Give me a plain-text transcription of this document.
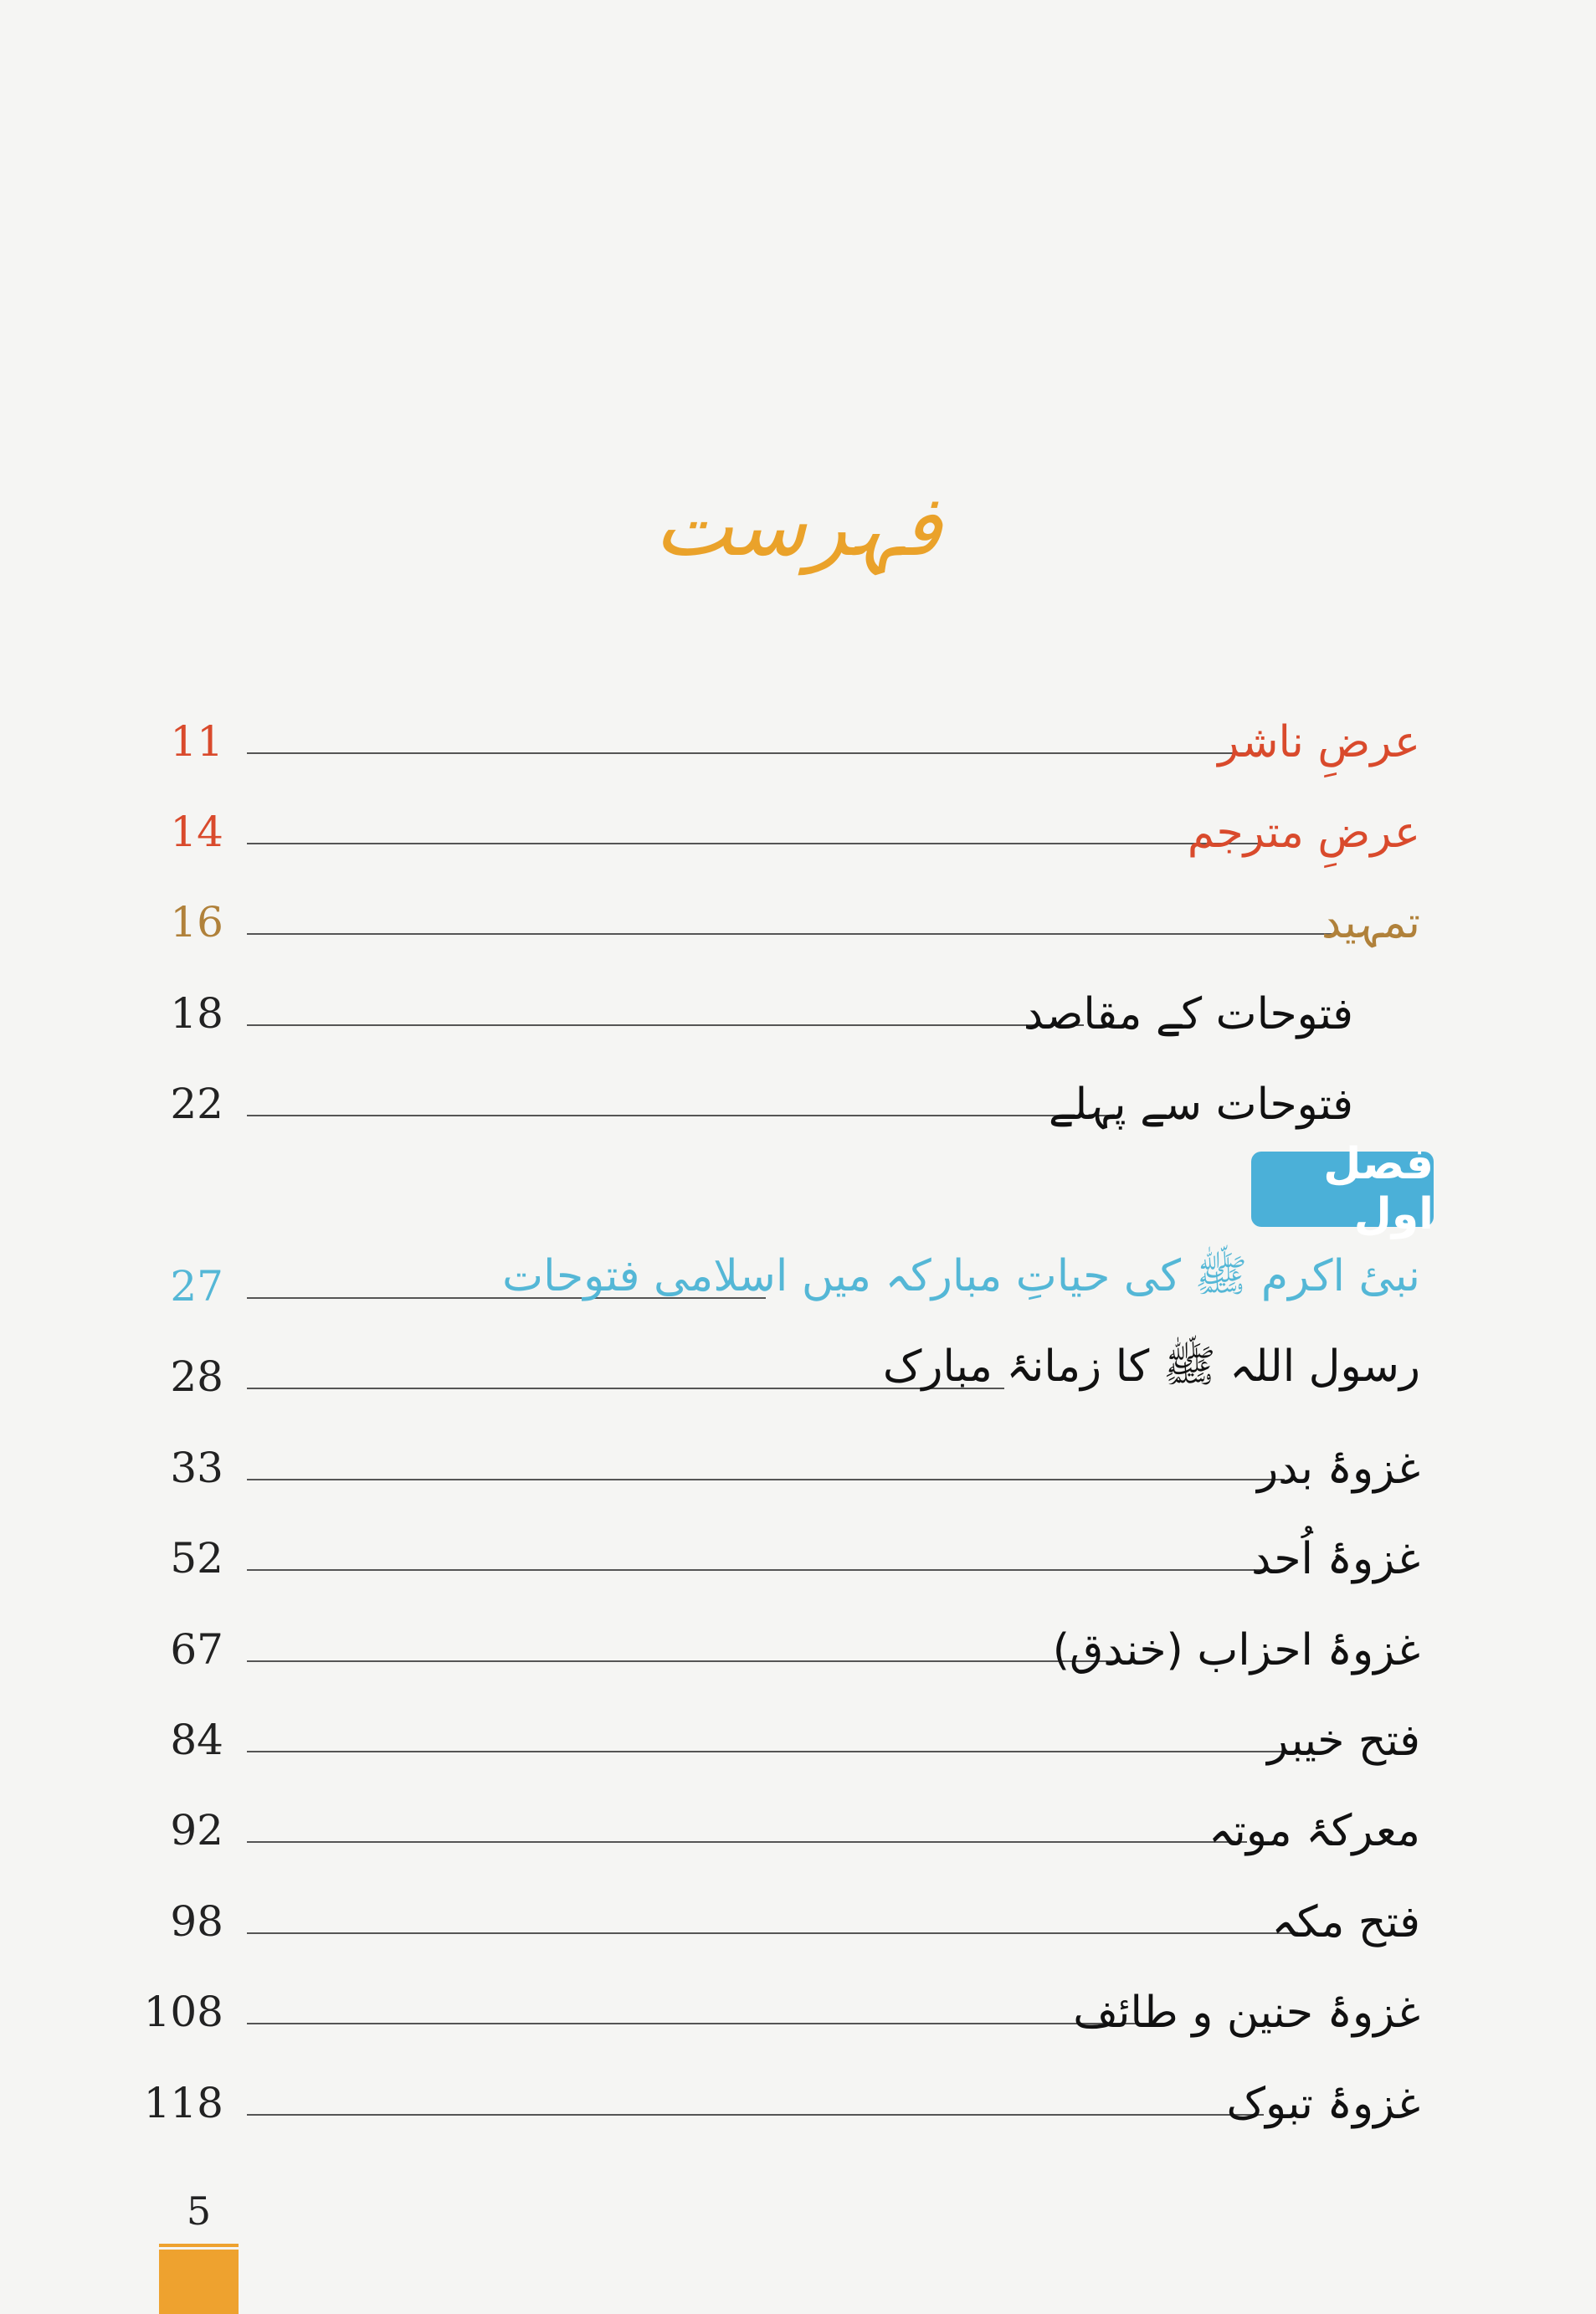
فہرست
11	عرضِ ناشر
14	عرضِ مترجم
16	تمہید
18	فتوحات کے مقاصد
22	فتوحات سے پہلے
فصل اول
27	نبیٔ اکرم ﷺ کی حیاتِ مبارکہ میں اسلامی فتوحات
28	رسول اللہ ﷺ کا زمانۂ مبارک
33	غزوۂ بدر
52	غزوۂ اُحد
67	غزوۂ احزاب (خندق)
84	فتح خیبر
92	معرکۂ موتہ
98	فتح مکہ
108	غزوۂ حنین و طائف
118	غزوۂ تبوک
5
